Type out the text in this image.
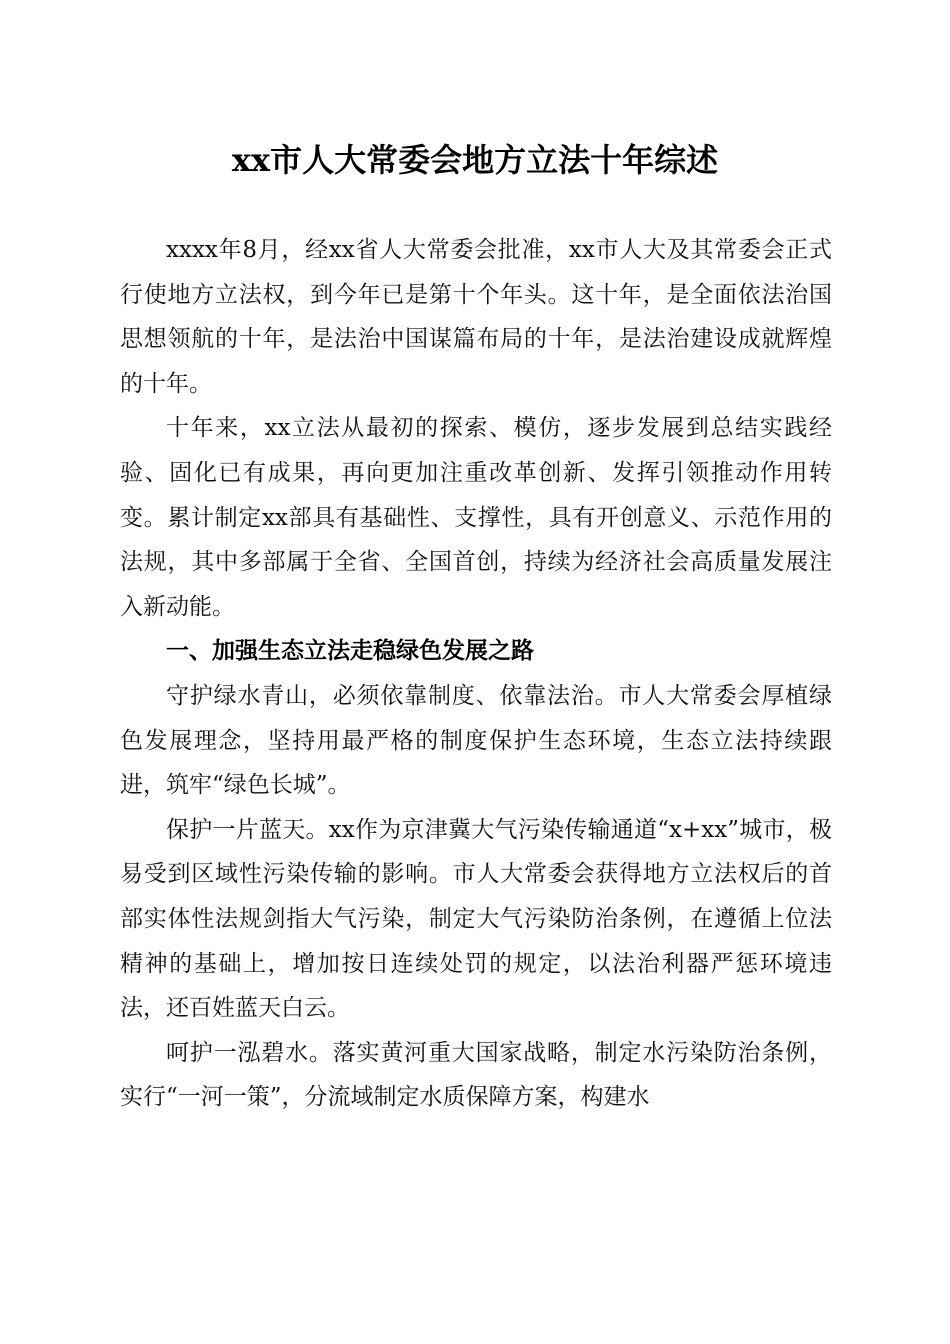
xx市人大常委会地方立法十年综述

xxxx年8月，经xx省人大常委会批准，xx市人大及其常委会正式行使地方立法权，到今年已是第十个年头。这十年，是全面依法治国思想领航的十年，是法治中国谋篇布局的十年，是法治建设成就辉煌的十年。

十年来，xx立法从最初的探索、模仿，逐步发展到总结实践经验、固化已有成果，再向更加注重改革创新、发挥引领推动作用转变。累计制定xx部具有基础性、支撑性，具有开创意义、示范作用的法规，其中多部属于全省、全国首创，持续为经济社会高质量发展注入新动能。

一、加强生态立法走稳绿色发展之路

守护绿水青山，必须依靠制度、依靠法治。市人大常委会厚植绿色发展理念，坚持用最严格的制度保护生态环境，生态立法持续跟进，筑牢“绿色长城”。

保护一片蓝天。xx作为京津冀大气污染传输通道“x+xx”城市，极易受到区域性污染传输的影响。市人大常委会获得地方立法权后的首部实体性法规剑指大气污染，制定大气污染防治条例，在遵循上位法精神的基础上，增加按日连续处罚的规定，以法治利器严惩环境违法，还百姓蓝天白云。

呵护一泓碧水。落实黄河重大国家战略，制定水污染防治条例，实行“一河一策”，分流域制定水质保障方案，构建水
